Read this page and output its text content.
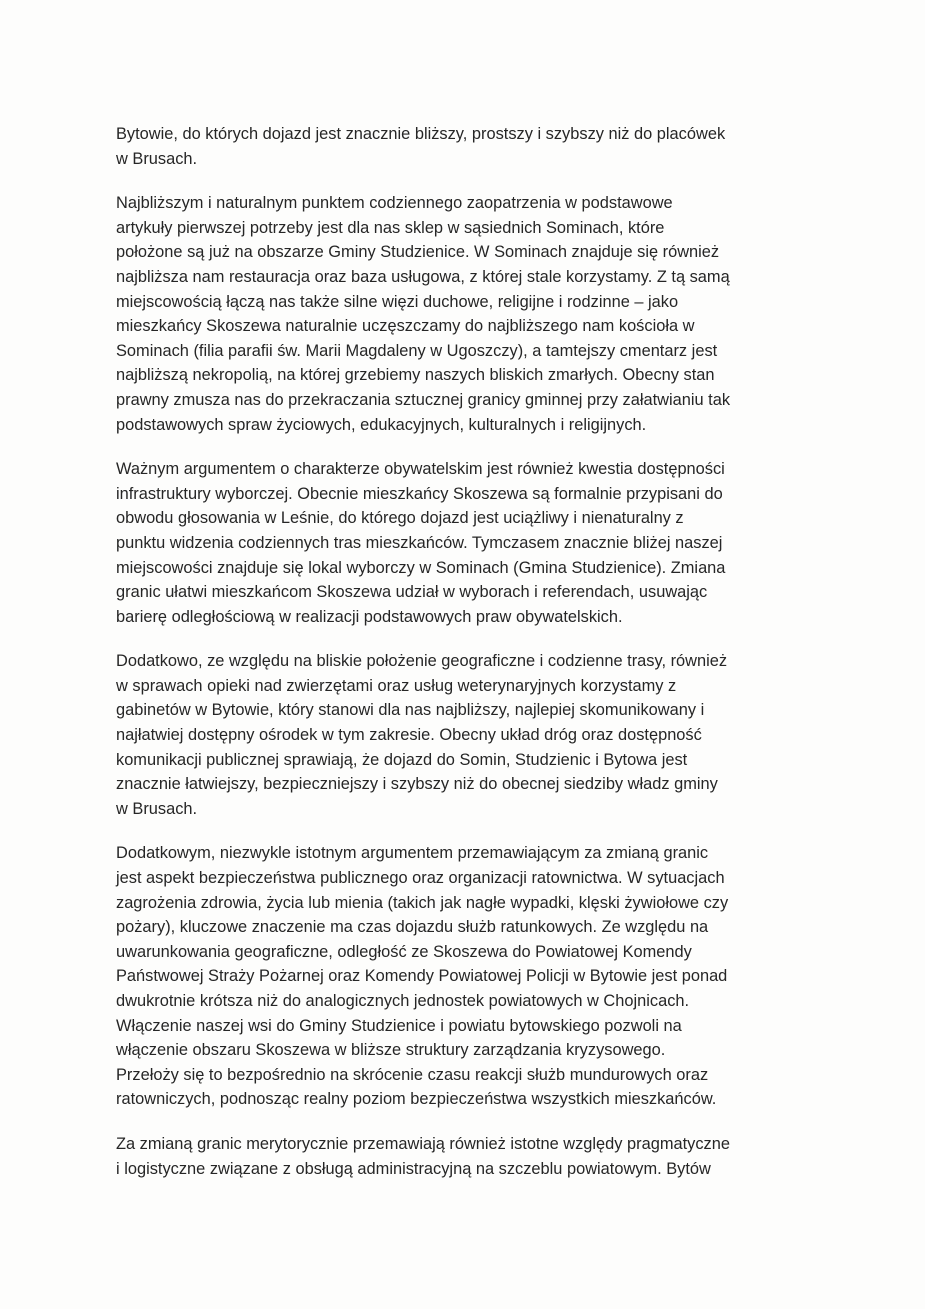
Bytowie, do których dojazd jest znacznie bliższy, prostszy i szybszy niż do placówek
w Brusach.

Najbliższym i naturalnym punktem codziennego zaopatrzenia w podstawowe
artykuły pierwszej potrzeby jest dla nas sklep w sąsiednich Sominach, które
położone są już na obszarze Gminy Studzienice. W Sominach znajduje się również
najbliższa nam restauracja oraz baza usługowa, z której stale korzystamy. Z tą samą
miejscowością łączą nas także silne więzi duchowe, religijne i rodzinne – jako
mieszkańcy Skoszewa naturalnie uczęszczamy do najbliższego nam kościoła w
Sominach (filia parafii św. Marii Magdaleny w Ugoszczy), a tamtejszy cmentarz jest
najbliższą nekropolią, na której grzebiemy naszych bliskich zmarłych. Obecny stan
prawny zmusza nas do przekraczania sztucznej granicy gminnej przy załatwianiu tak
podstawowych spraw życiowych, edukacyjnych, kulturalnych i religijnych.

Ważnym argumentem o charakterze obywatelskim jest również kwestia dostępności
infrastruktury wyborczej. Obecnie mieszkańcy Skoszewa są formalnie przypisani do
obwodu głosowania w Leśnie, do którego dojazd jest uciążliwy i nienaturalny z
punktu widzenia codziennych tras mieszkańców. Tymczasem znacznie bliżej naszej
miejscowości znajduje się lokal wyborczy w Sominach (Gmina Studzienice). Zmiana
granic ułatwi mieszkańcom Skoszewa udział w wyborach i referendach, usuwając
barierę odległościową w realizacji podstawowych praw obywatelskich.

Dodatkowo, ze względu na bliskie położenie geograficzne i codzienne trasy, również
w sprawach opieki nad zwierzętami oraz usług weterynaryjnych korzystamy z
gabinetów w Bytowie, który stanowi dla nas najbliższy, najlepiej skomunikowany i
najłatwiej dostępny ośrodek w tym zakresie. Obecny układ dróg oraz dostępność
komunikacji publicznej sprawiają, że dojazd do Somin, Studzienic i Bytowa jest
znacznie łatwiejszy, bezpieczniejszy i szybszy niż do obecnej siedziby władz gminy
w Brusach.

Dodatkowym, niezwykle istotnym argumentem przemawiającym za zmianą granic
jest aspekt bezpieczeństwa publicznego oraz organizacji ratownictwa. W sytuacjach
zagrożenia zdrowia, życia lub mienia (takich jak nagłe wypadki, klęski żywiołowe czy
pożary), kluczowe znaczenie ma czas dojazdu służb ratunkowych. Ze względu na
uwarunkowania geograficzne, odległość ze Skoszewa do Powiatowej Komendy
Państwowej Straży Pożarnej oraz Komendy Powiatowej Policji w Bytowie jest ponad
dwukrotnie krótsza niż do analogicznych jednostek powiatowych w Chojnicach.
Włączenie naszej wsi do Gminy Studzienice i powiatu bytowskiego pozwoli na
włączenie obszaru Skoszewa w bliższe struktury zarządzania kryzysowego.
Przełoży się to bezpośrednio na skrócenie czasu reakcji służb mundurowych oraz
ratowniczych, podnosząc realny poziom bezpieczeństwa wszystkich mieszkańców.

Za zmianą granic merytorycznie przemawiają również istotne względy pragmatyczne
i logistyczne związane z obsługą administracyjną na szczeblu powiatowym. Bytów
